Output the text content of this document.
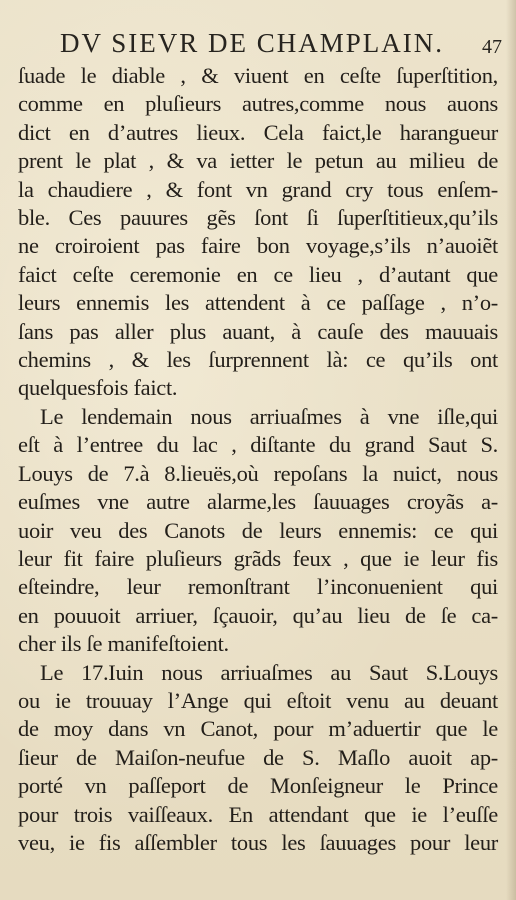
DV SIEVR DE CHAMPLAIN. 47
ſuade le diable , & viuent en ceſte ſuperſtition,
comme en pluſieurs autres,comme nous auons
dict en d’autres lieux. Cela faict,le harangueur
prent le plat , & va ietter le petun au milieu de
la chaudiere , & font vn grand cry tous enſem-
ble. Ces pauures gẽs ſont ſi ſuperſtitieux,qu’ils
ne croiroient pas faire bon voyage,s’ils n’auoiẽt
faict ceſte ceremonie en ce lieu , d’autant que
leurs ennemis les attendent à ce paſſage , n’o-
ſans pas aller plus auant, à cauſe des mauuais
chemins , & les ſurprennent là: ce qu’ils ont
quelquesfois faict.
Le lendemain nous arriuaſmes à vne iſle,qui
eſt à l’entree du lac , diſtante du grand Saut S.
Louys de 7.à 8.lieuës,où repoſans la nuict, nous
euſmes vne autre alarme,les ſauuages croyãs a-
uoir veu des Canots de leurs ennemis: ce qui
leur fit faire pluſieurs grãds feux , que ie leur fis
eſteindre, leur remonſtrant l’inconuenient qui
en pouuoit arriuer, ſçauoir, qu’au lieu de ſe ca-
cher ils ſe manifeſtoient.
Le 17.Iuin nous arriuaſmes au Saut S.Louys
ou ie trouuay l’Ange qui eſtoit venu au deuant
de moy dans vn Canot, pour m’aduertir que le
ſieur de Maiſon-neufue de S. Maſlo auoit ap-
porté vn paſſeport de Monſeigneur le Prince
pour trois vaiſſeaux. En attendant que ie l’euſſe
veu, ie fis aſſembler tous les ſauuages pour leur
